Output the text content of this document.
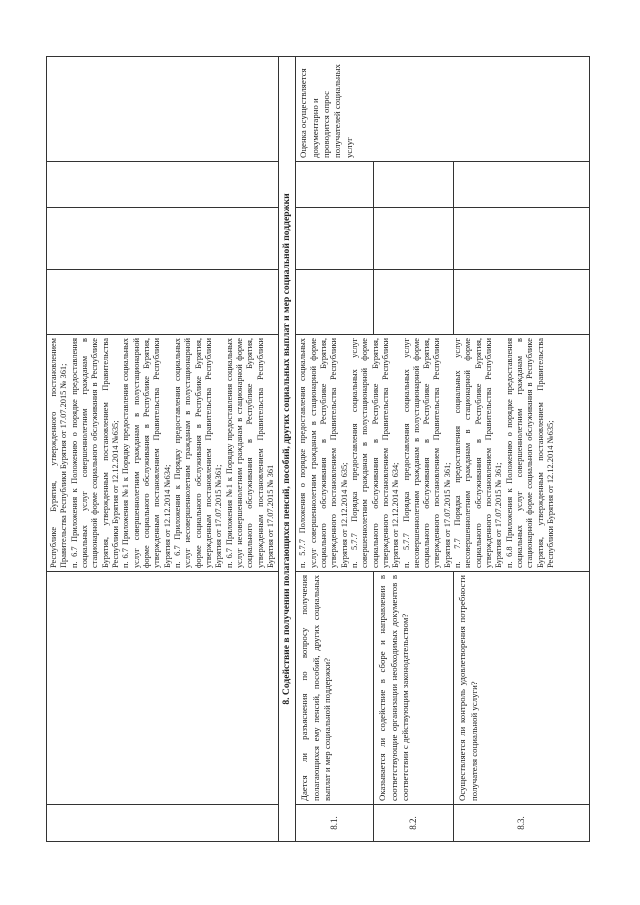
		Республике Бурятия, утвержденного постановлением Правительства Республики Бурятия от 17.07.2015 № 361; п. 6.7 Приложения к Положению о порядке предоставления социальных услуг совершеннолетним гражданам в стационарной форме социального обслуживания в Республике Бурятия, утвержденным постановлением Правительства Республики Бурятия от 12.12.2014 №635; п. 6.7 Приложения №1 к Порядку предоставления социальных услуг совершеннолетним гражданам в полустационарной форме социального обслуживания в Республике Бурятия, утвержденным постановлением Правительства Республики Бурятия от 12.12.2014 №634; п. 6.7 Приложения к Порядку предоставления социальных услуг несовершеннолетним гражданам в полустационарной форме социального обслуживания в Республике Бурятия, утвержденным постановлением Правительства Республики Бурятия от 17.07.2015 №361; п. 6.7 Приложения №1 к Порядку предоставления социальных услуг несовершеннолетним гражданам в стационарной форме социального обслуживания в Республике Бурятия, утвержденным постановлением Правительства Республики Бурятия от 17.07.2015 № 361				

8. Содействие в получении полагающихся пенсий, пособий, других социальных выплат и мер социальной поддержки						
8.1.	Дается ли разъяснения по вопросу получения полагающихся ему пенсий, пособий, других социальных выплат и мер социальной поддержки?	п. 5.7.7 Положения о порядке предоставления социальных услуг совершеннолетним гражданам в стационарной форме социального обслуживания в Республике Бурятия, утвержденного постановлением Правительства Республики Бурятия от 12.12.2014 № 635; п. 5.7.7 Порядка предоставления социальных услуг совершеннолетним гражданам в полустационарной форме социального обслуживания в Республике Бурятия, утвержденного постановлением Правительства Республики Бурятия от 12.12.2014 № 634; п. 5.7.7 Порядка предоставления социальных услуг несовершеннолетним гражданам в полустационарной форме социального обслуживания в Республике Бурятия, утвержденного постановлением Правительства Республики Бурятия от 17.07.2015 № 361; п. 7.7 Порядка предоставления социальных услуг несовершеннолетним гражданам в стационарной форме социального обслуживания в Республике Бурятия, утвержденного постановлением Правительства Республики Бурятия от 17.07.2015 № 361; п. 6.8 Приложения к Положению о порядке предоставления социальных услуг совершеннолетним гражданам в стационарной форме социального обслуживания в Республике Бурятия, утвержденным постановлением Правительства Республики Бурятия от 12.12.2014 №635;				Оценка осуществляется документарно и проводится опрос получателей социальных услуг
8.2.	Оказывается ли содействие в сборе и направлении в соответствующие организации необходимых документов в соответствии с действующим законодательством?					
8.3.	Осуществляется ли контроль удовлетворения потребности получателя социальной услуги?					
